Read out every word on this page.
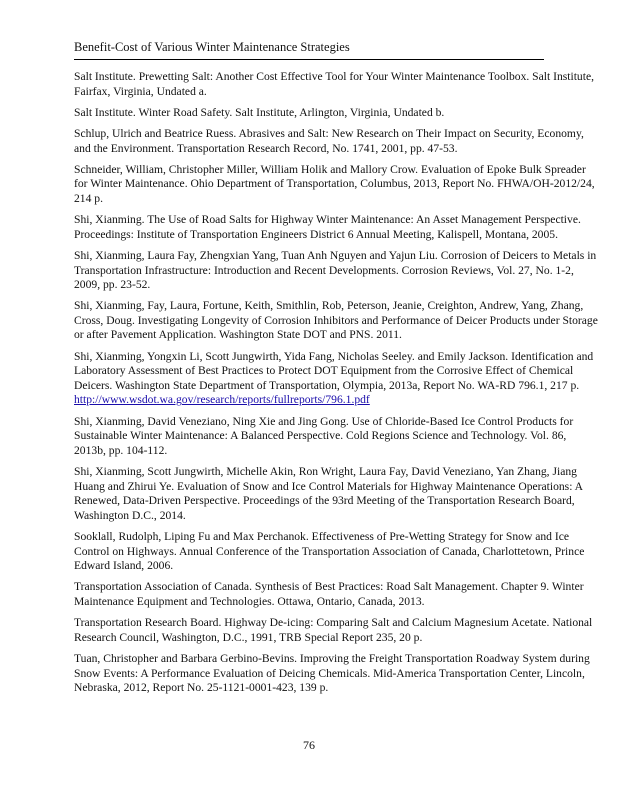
Benefit-Cost of Various Winter Maintenance Strategies

Salt Institute. Prewetting Salt: Another Cost Effective Tool for Your Winter Maintenance Toolbox. Salt Institute, Fairfax, Virginia, Undated a.

Salt Institute. Winter Road Safety. Salt Institute, Arlington, Virginia, Undated b.

Schlup, Ulrich and Beatrice Ruess. Abrasives and Salt: New Research on Their Impact on Security, Economy, and the Environment. Transportation Research Record, No. 1741, 2001, pp. 47-53.

Schneider, William, Christopher Miller, William Holik and Mallory Crow. Evaluation of Epoke Bulk Spreader for Winter Maintenance. Ohio Department of Transportation, Columbus, 2013, Report No. FHWA/OH-2012/24, 214 p.

Shi, Xianming. The Use of Road Salts for Highway Winter Maintenance: An Asset Management Perspective. Proceedings: Institute of Transportation Engineers District 6 Annual Meeting, Kalispell, Montana, 2005.

Shi, Xianming, Laura Fay, Zhengxian Yang, Tuan Anh Nguyen and Yajun Liu. Corrosion of Deicers to Metals in Transportation Infrastructure: Introduction and Recent Developments. Corrosion Reviews, Vol. 27, No. 1-2, 2009, pp. 23-52.

Shi, Xianming, Fay, Laura, Fortune, Keith, Smithlin, Rob, Peterson, Jeanie, Creighton, Andrew, Yang, Zhang, Cross, Doug. Investigating Longevity of Corrosion Inhibitors and Performance of Deicer Products under Storage or after Pavement Application. Washington State DOT and PNS. 2011.

Shi, Xianming, Yongxin Li, Scott Jungwirth, Yida Fang, Nicholas Seeley. and Emily Jackson. Identification and Laboratory Assessment of Best Practices to Protect DOT Equipment from the Corrosive Effect of Chemical Deicers. Washington State Department of Transportation, Olympia, 2013a, Report No. WA-RD 796.1, 217 p. http://www.wsdot.wa.gov/research/reports/fullreports/796.1.pdf

Shi, Xianming, David Veneziano, Ning Xie and Jing Gong. Use of Chloride-Based Ice Control Products for Sustainable Winter Maintenance: A Balanced Perspective. Cold Regions Science and Technology. Vol. 86, 2013b, pp. 104-112.

Shi, Xianming, Scott Jungwirth, Michelle Akin, Ron Wright, Laura Fay, David Veneziano, Yan Zhang, Jiang Huang and Zhirui Ye. Evaluation of Snow and Ice Control Materials for Highway Maintenance Operations: A Renewed, Data-Driven Perspective. Proceedings of the 93rd Meeting of the Transportation Research Board, Washington D.C., 2014.

Sooklall, Rudolph, Liping Fu and Max Perchanok. Effectiveness of Pre-Wetting Strategy for Snow and Ice Control on Highways. Annual Conference of the Transportation Association of Canada, Charlottetown, Prince Edward Island, 2006.

Transportation Association of Canada. Synthesis of Best Practices: Road Salt Management. Chapter 9. Winter Maintenance Equipment and Technologies. Ottawa, Ontario, Canada, 2013.

Transportation Research Board. Highway De-icing: Comparing Salt and Calcium Magnesium Acetate. National Research Council, Washington, D.C., 1991, TRB Special Report 235, 20 p.

Tuan, Christopher and Barbara Gerbino-Bevins. Improving the Freight Transportation Roadway System during Snow Events: A Performance Evaluation of Deicing Chemicals. Mid-America Transportation Center, Lincoln, Nebraska, 2012, Report No. 25-1121-0001-423, 139 p.

76
